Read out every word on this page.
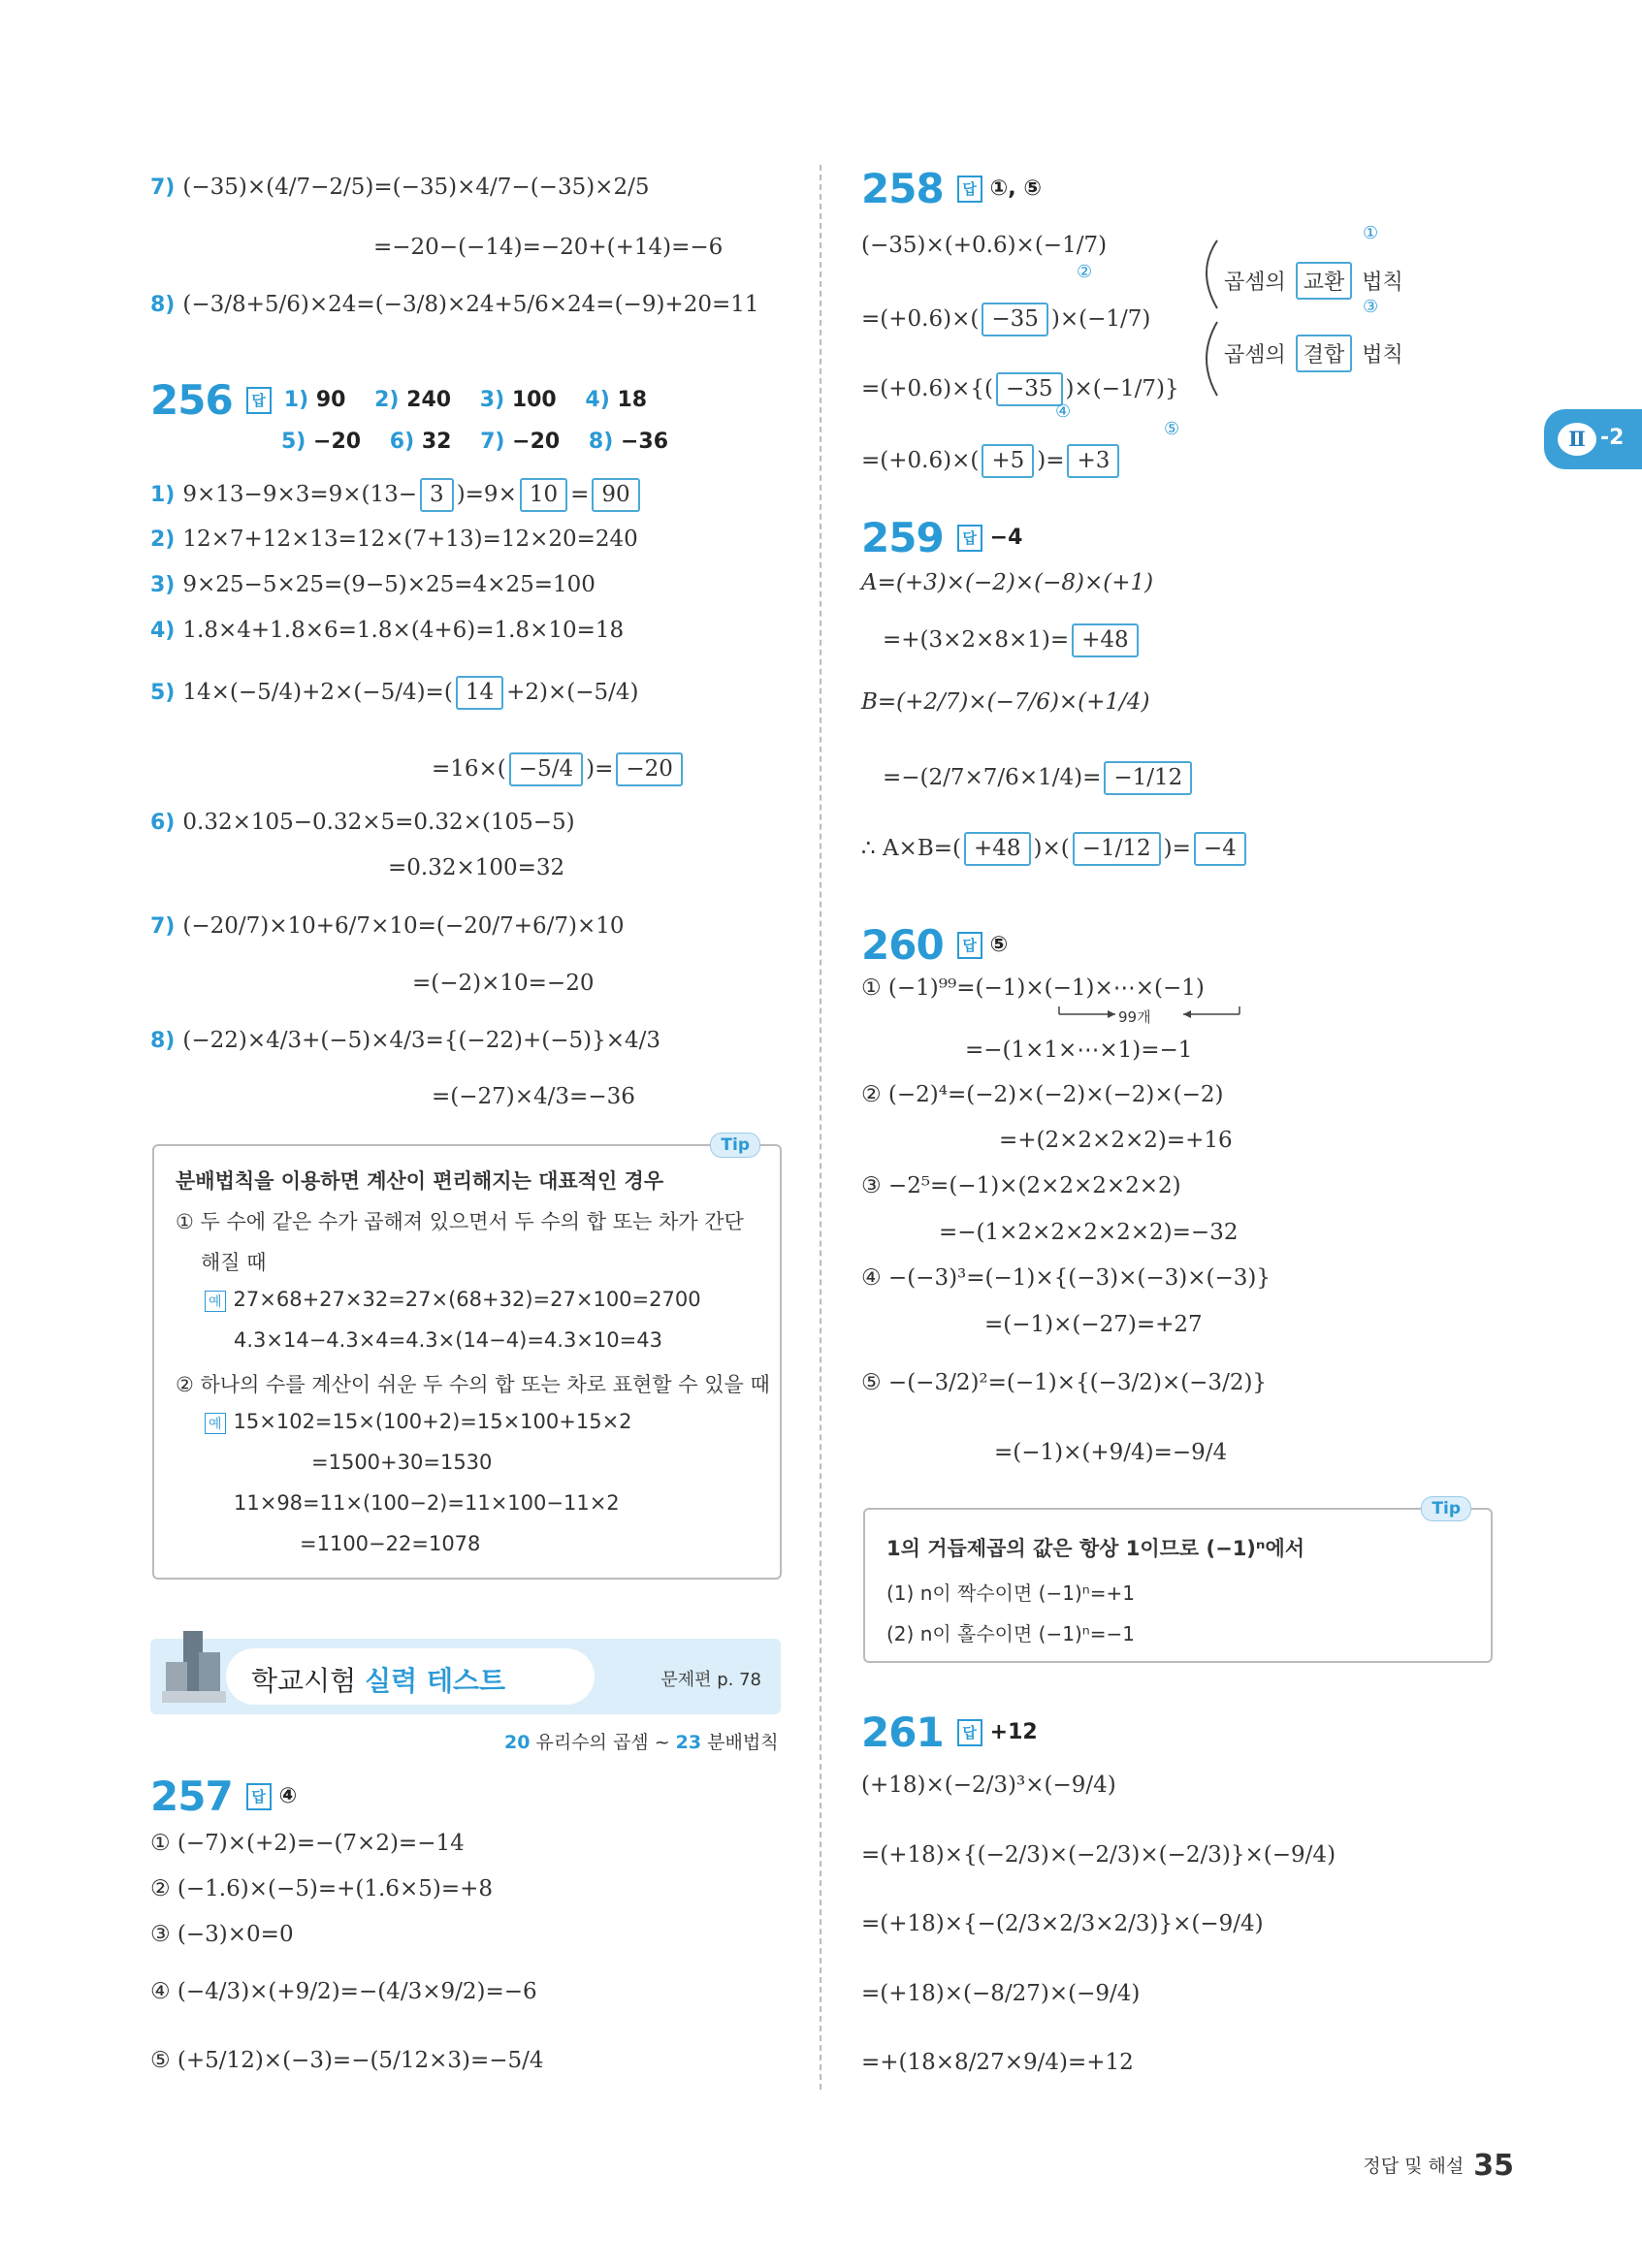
7) (−35)×(4/7−2/5)=(−35)×4/7−(−35)×2/5
=−20−(−14)=−20+(+14)=−6
8) (−3/8+5/6)×24=(−3/8)×24+5/6×24=(−9)+20=11
256 답 1) 90 2) 240 3) 100 4) 18
5) −20 6) 32 7) −20 8) −36
1) 9×13−9×3=9×(13− 3 )=9× 10 = 90
2) 12×7+12×13=12×(7+13)=12×20=240
3) 9×25−5×25=(9−5)×25=4×25=100
4) 1.8×4+1.8×6=1.8×(4+6)=1.8×10=18
5) 14×(−5/4)+2×(−5/4)=( 14 +2)×(−5/4)
=16×( −5/4 )= −20
6) 0.32×105−0.32×5=0.32×(105−5)
=0.32×100=32
7) (−20/7)×10+6/7×10=(−20/7+6/7)×10
=(−2)×10=−20
8) (−22)×4/3+(−5)×4/3={(−22)+(−5)}×4/3
=(−27)×4/3=−36
Tip
분배법칙을 이용하면 계산이 편리해지는 대표적인 경우
① 두 수에 같은 수가 곱해져 있으면서 두 수의 합 또는 차가 간단
해질 때
예 27×68+27×32=27×(68+32)=27×100=2700
4.3×14−4.3×4=4.3×(14−4)=4.3×10=43
② 하나의 수를 계산이 쉬운 두 수의 합 또는 차로 표현할 수 있을 때
예 15×102=15×(100+2)=15×100+15×2
=1500+30=1530
11×98=11×(100−2)=11×100−11×2
=1100−22=1078
학교시험 실력 테스트	문제편 p. 78
20 유리수의 곱셈 ~ 23 분배법칙
257 답 ④
① (−7)×(+2)=−(7×2)=−14
② (−1.6)×(−5)=+(1.6×5)=+8
③ (−3)×0=0
④ (−4/3)×(+9/2)=−(4/3×9/2)=−6
⑤ (+5/12)×(−3)=−(5/12×3)=−5/4
258 답 ①, ⑤
(−35)×(+0.6)×(−1/7)
=(+0.6)×( −35 )×(−1/7)
=(+0.6)×{( −35 )×(−1/7)}
=(+0.6)×( +5 )= +3
곱셈의 교환 법칙
곱셈의 결합 법칙
①
②
③
④
⑤
259 답 −4
A=(+3)×(−2)×(−8)×(+1)
=+(3×2×8×1)= +48
B=(+2/7)×(−7/6)×(+1/4)
=−(2/7×7/6×1/4)= −1/12
∴ A×B=( +48 )×( −1/12 )= −4
260 답 ⑤
① (−1)⁹⁹=(−1)×(−1)×⋯×(−1)
99개
=−(1×1×⋯×1)=−1
② (−2)⁴=(−2)×(−2)×(−2)×(−2)
=+(2×2×2×2)=+16
③ −2⁵=(−1)×(2×2×2×2×2)
=−(1×2×2×2×2×2)=−32
④ −(−3)³=(−1)×{(−3)×(−3)×(−3)}
=(−1)×(−27)=+27
⑤ −(−3/2)²=(−1)×{(−3/2)×(−3/2)}
=(−1)×(+9/4)=−9/4
Tip
1의 거듭제곱의 값은 항상 1이므로 (−1)ⁿ에서
(1) n이 짝수이면 (−1)ⁿ=+1
(2) n이 홀수이면 (−1)ⁿ=−1
261 답 +12
(+18)×(−2/3)³×(−9/4)
=(+18)×{(−2/3)×(−2/3)×(−2/3)}×(−9/4)
=(+18)×{−(2/3×2/3×2/3)}×(−9/4)
=(+18)×(−8/27)×(−9/4)
=+(18×8/27×9/4)=+12
Ⅱ -2
정답 및 해설 35
